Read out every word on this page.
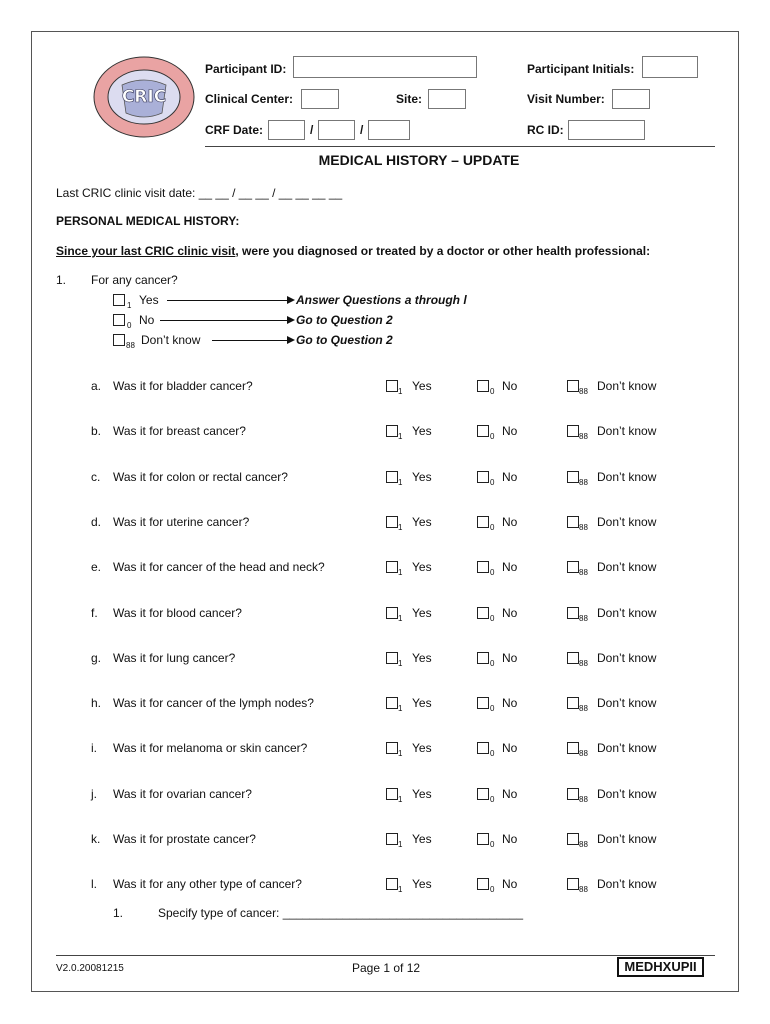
CRIC
Participant ID:	Participant Initials:
Clinical Center:	Site:	Visit Number:
CRF Date:	/	/	RC ID:
MEDICAL HISTORY – UPDATE
Last CRIC clinic visit date: __ __ / __ __ / __ __ __ __
PERSONAL MEDICAL HISTORY:
Since your last CRIC clinic visit, were you diagnosed or treated by a doctor or other health professional:
1. For any cancer?
1 Yes	Answer Questions a through l
0 No	Go to Question 2
88 Don’t know	Go to Question 2
a. Was it for bladder cancer?	1 Yes	0 No	88 Don’t know
b. Was it for breast cancer?	1 Yes	0 No	88 Don’t know
c. Was it for colon or rectal cancer?	1 Yes	0 No	88 Don’t know
d. Was it for uterine cancer?	1 Yes	0 No	88 Don’t know
e. Was it for cancer of the head and neck?	1 Yes	0 No	88 Don’t know
f. Was it for blood cancer?	1 Yes	0 No	88 Don’t know
g. Was it for lung cancer?	1 Yes	0 No	88 Don’t know
h. Was it for cancer of the lymph nodes?	1 Yes	0 No	88 Don’t know
i. Was it for melanoma or skin cancer?	1 Yes	0 No	88 Don’t know
j. Was it for ovarian cancer?	1 Yes	0 No	88 Don’t know
k. Was it for prostate cancer?	1 Yes	0 No	88 Don’t know
l. Was it for any other type of cancer?	1 Yes	0 No	88 Don’t know
1.	Specify type of cancer: ____________________________________
V2.0.20081215	Page 1 of 12	MEDHXUPII
